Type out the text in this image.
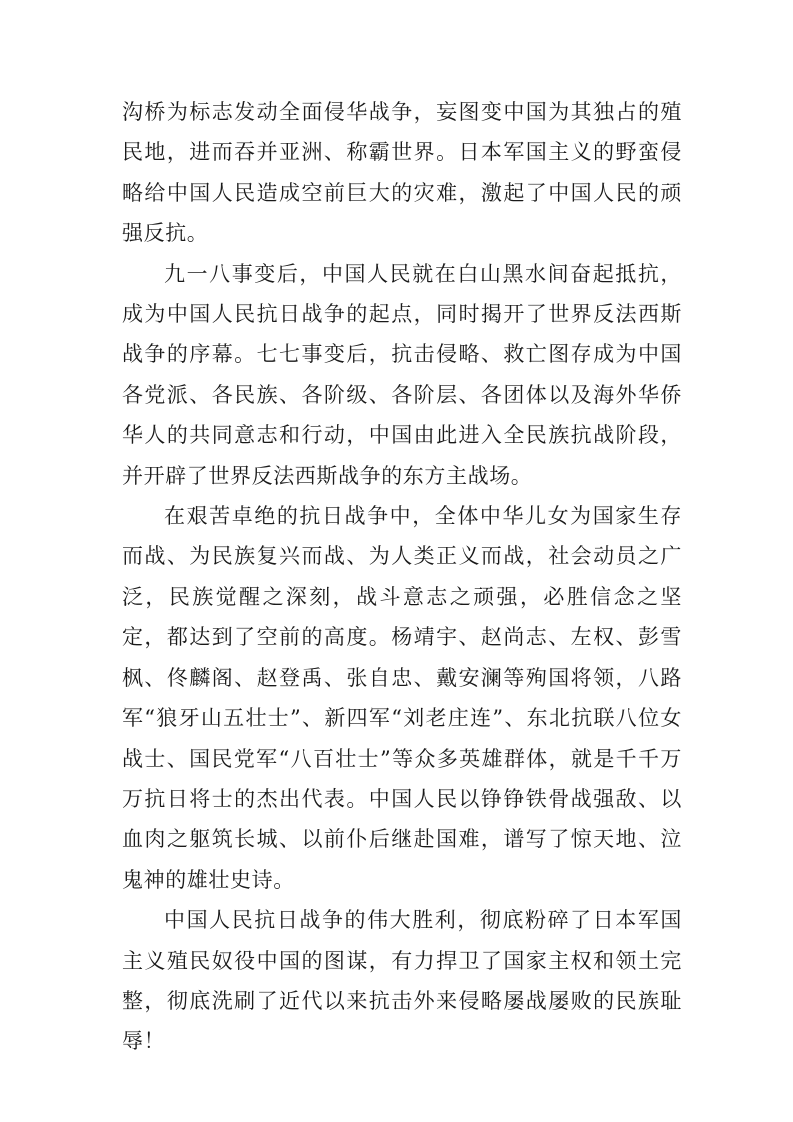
沟桥为标志发动全面侵华战争，妄图变中国为其独占的殖民地，进而吞并亚洲、称霸世界。日本军国主义的野蛮侵略给中国人民造成空前巨大的灾难，激起了中国人民的顽强反抗。

九一八事变后，中国人民就在白山黑水间奋起抵抗，成为中国人民抗日战争的起点，同时揭开了世界反法西斯战争的序幕。七七事变后，抗击侵略、救亡图存成为中国各党派、各民族、各阶级、各阶层、各团体以及海外华侨华人的共同意志和行动，中国由此进入全民族抗战阶段，并开辟了世界反法西斯战争的东方主战场。

在艰苦卓绝的抗日战争中，全体中华儿女为国家生存而战、为民族复兴而战、为人类正义而战，社会动员之广泛，民族觉醒之深刻，战斗意志之顽强，必胜信念之坚定，都达到了空前的高度。杨靖宇、赵尚志、左权、彭雪枫、佟麟阁、赵登禹、张自忠、戴安澜等殉国将领，八路军“狼牙山五壮士”、新四军“刘老庄连”、东北抗联八位女战士、国民党军“八百壮士”等众多英雄群体，就是千千万万抗日将士的杰出代表。中国人民以铮铮铁骨战强敌、以血肉之躯筑长城、以前仆后继赴国难，谱写了惊天地、泣鬼神的雄壮史诗。

中国人民抗日战争的伟大胜利，彻底粉碎了日本军国主义殖民奴役中国的图谋，有力捍卫了国家主权和领土完整，彻底洗刷了近代以来抗击外来侵略屡战屡败的民族耻辱！
